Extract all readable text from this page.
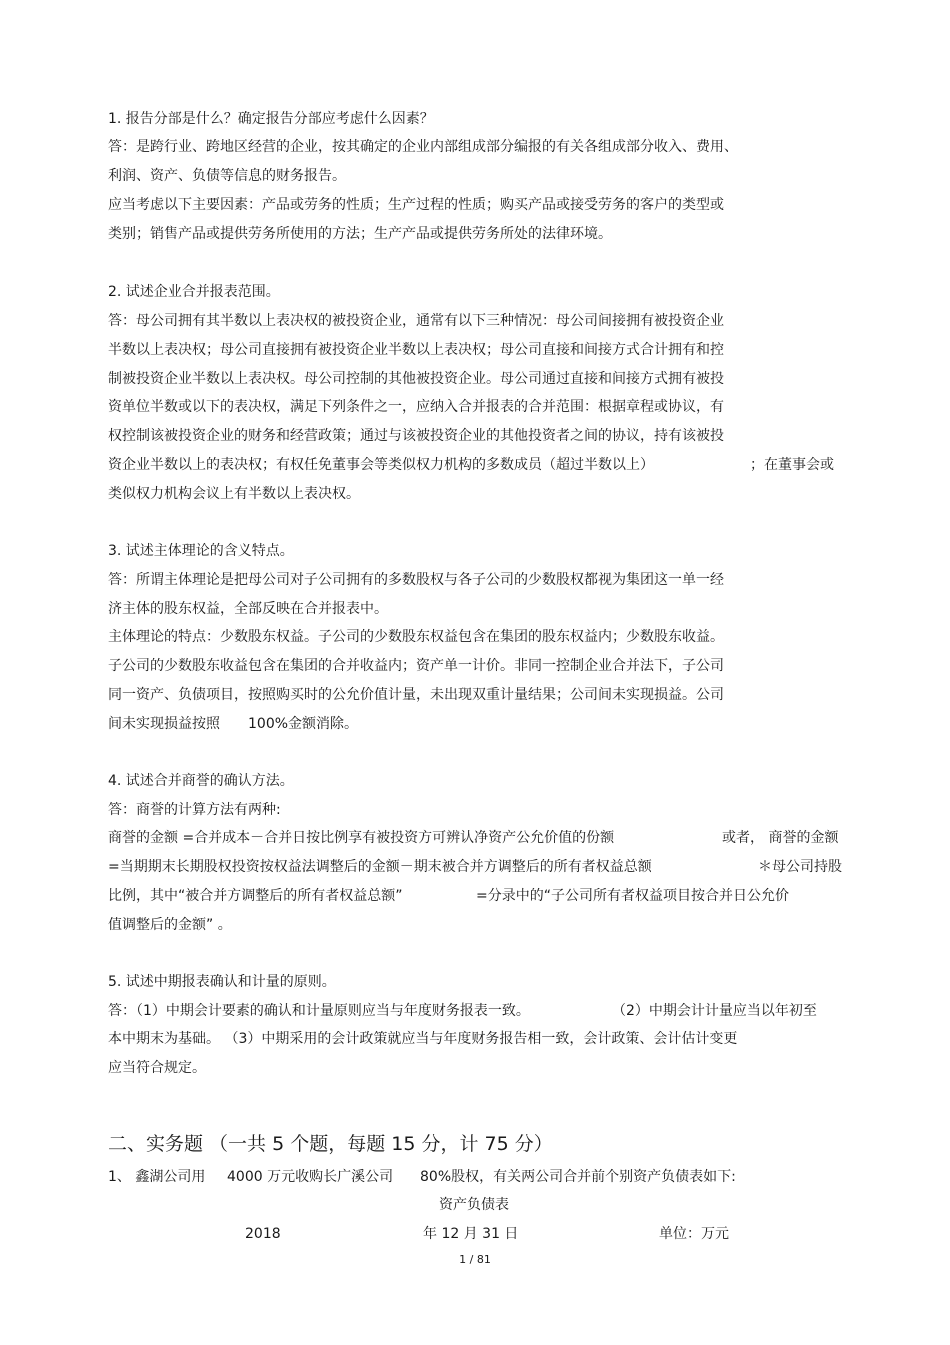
1. 报告分部是什么？确定报告分部应考虑什么因素？
答：是跨行业、跨地区经营的企业，按其确定的企业内部组成部分编报的有关各组成部分收入、费用、
利润、资产、负债等信息的财务报告。
应当考虑以下主要因素：产品或劳务的性质；生产过程的性质；购买产品或接受劳务的客户的类型或
类别；销售产品或提供劳务所使用的方法；生产产品或提供劳务所处的法律环境。
2. 试述企业合并报表范围。
答：母公司拥有其半数以上表决权的被投资企业，通常有以下三种情况：母公司间接拥有被投资企业
半数以上表决权；母公司直接拥有被投资企业半数以上表决权；母公司直接和间接方式合计拥有和控
制被投资企业半数以上表决权。母公司控制的其他被投资企业。母公司通过直接和间接方式拥有被投
资单位半数或以下的表决权，满足下列条件之一，应纳入合并报表的合并范围：根据章程或协议，有
权控制该被投资企业的财务和经营政策；通过与该被投资企业的其他投资者之间的协议，持有该被投
资企业半数以上的表决权；有权任免董事会等类似权力机构的多数成员（超过半数以上）	；在董事会或
类似权力机构会议上有半数以上表决权。
3. 试述主体理论的含义特点。
答：所谓主体理论是把母公司对子公司拥有的多数股权与各子公司的少数股权都视为集团这一单一经
济主体的股东权益，全部反映在合并报表中。
主体理论的特点：少数股东权益。子公司的少数股东权益包含在集团的股东权益内；少数股东收益。
子公司的少数股东收益包含在集团的合并收益内；资产单一计价。非同一控制企业合并法下，子公司
同一资产、负债项目，按照购买时的公允价值计量，未出现双重计量结果；公司间未实现损益。公司
间未实现损益按照 100%金额消除。
4. 试述合并商誉的确认方法。
答：商誉的计算方法有两种:
商誉的金额 =合并成本－合并日按比例享有被投资方可辨认净资产公允价值的份额	或者， 商誉的金额
=当期期末长期股权投资按权益法调整后的金额－期末被合并方调整后的所有者权益总额	＊母公司持股
比例，其中“被合并方调整后的所有者权益总额”	=分录中的“子公司所有者权益项目按合并日公允价
值调整后的金额” 。
5. 试述中期报表确认和计量的原则。
答：（1）中期会计要素的确认和计量原则应当与年度财务报表一致。	（2）中期会计计量应当以年初至
本中期末为基础。 （3）中期采用的会计政策就应当与年度财务报告相一致，会计政策、会计估计变更
应当符合规定。
二、实务题 （一共 5 个题，每题 15 分，计 75 分）
1、 鑫湖公司用 4000 万元收购长广溪公司 80%股权，有关两公司合并前个别资产负债表如下:
资产负债表
2018	年 12 月 31 日	单位：万元
1 / 81
